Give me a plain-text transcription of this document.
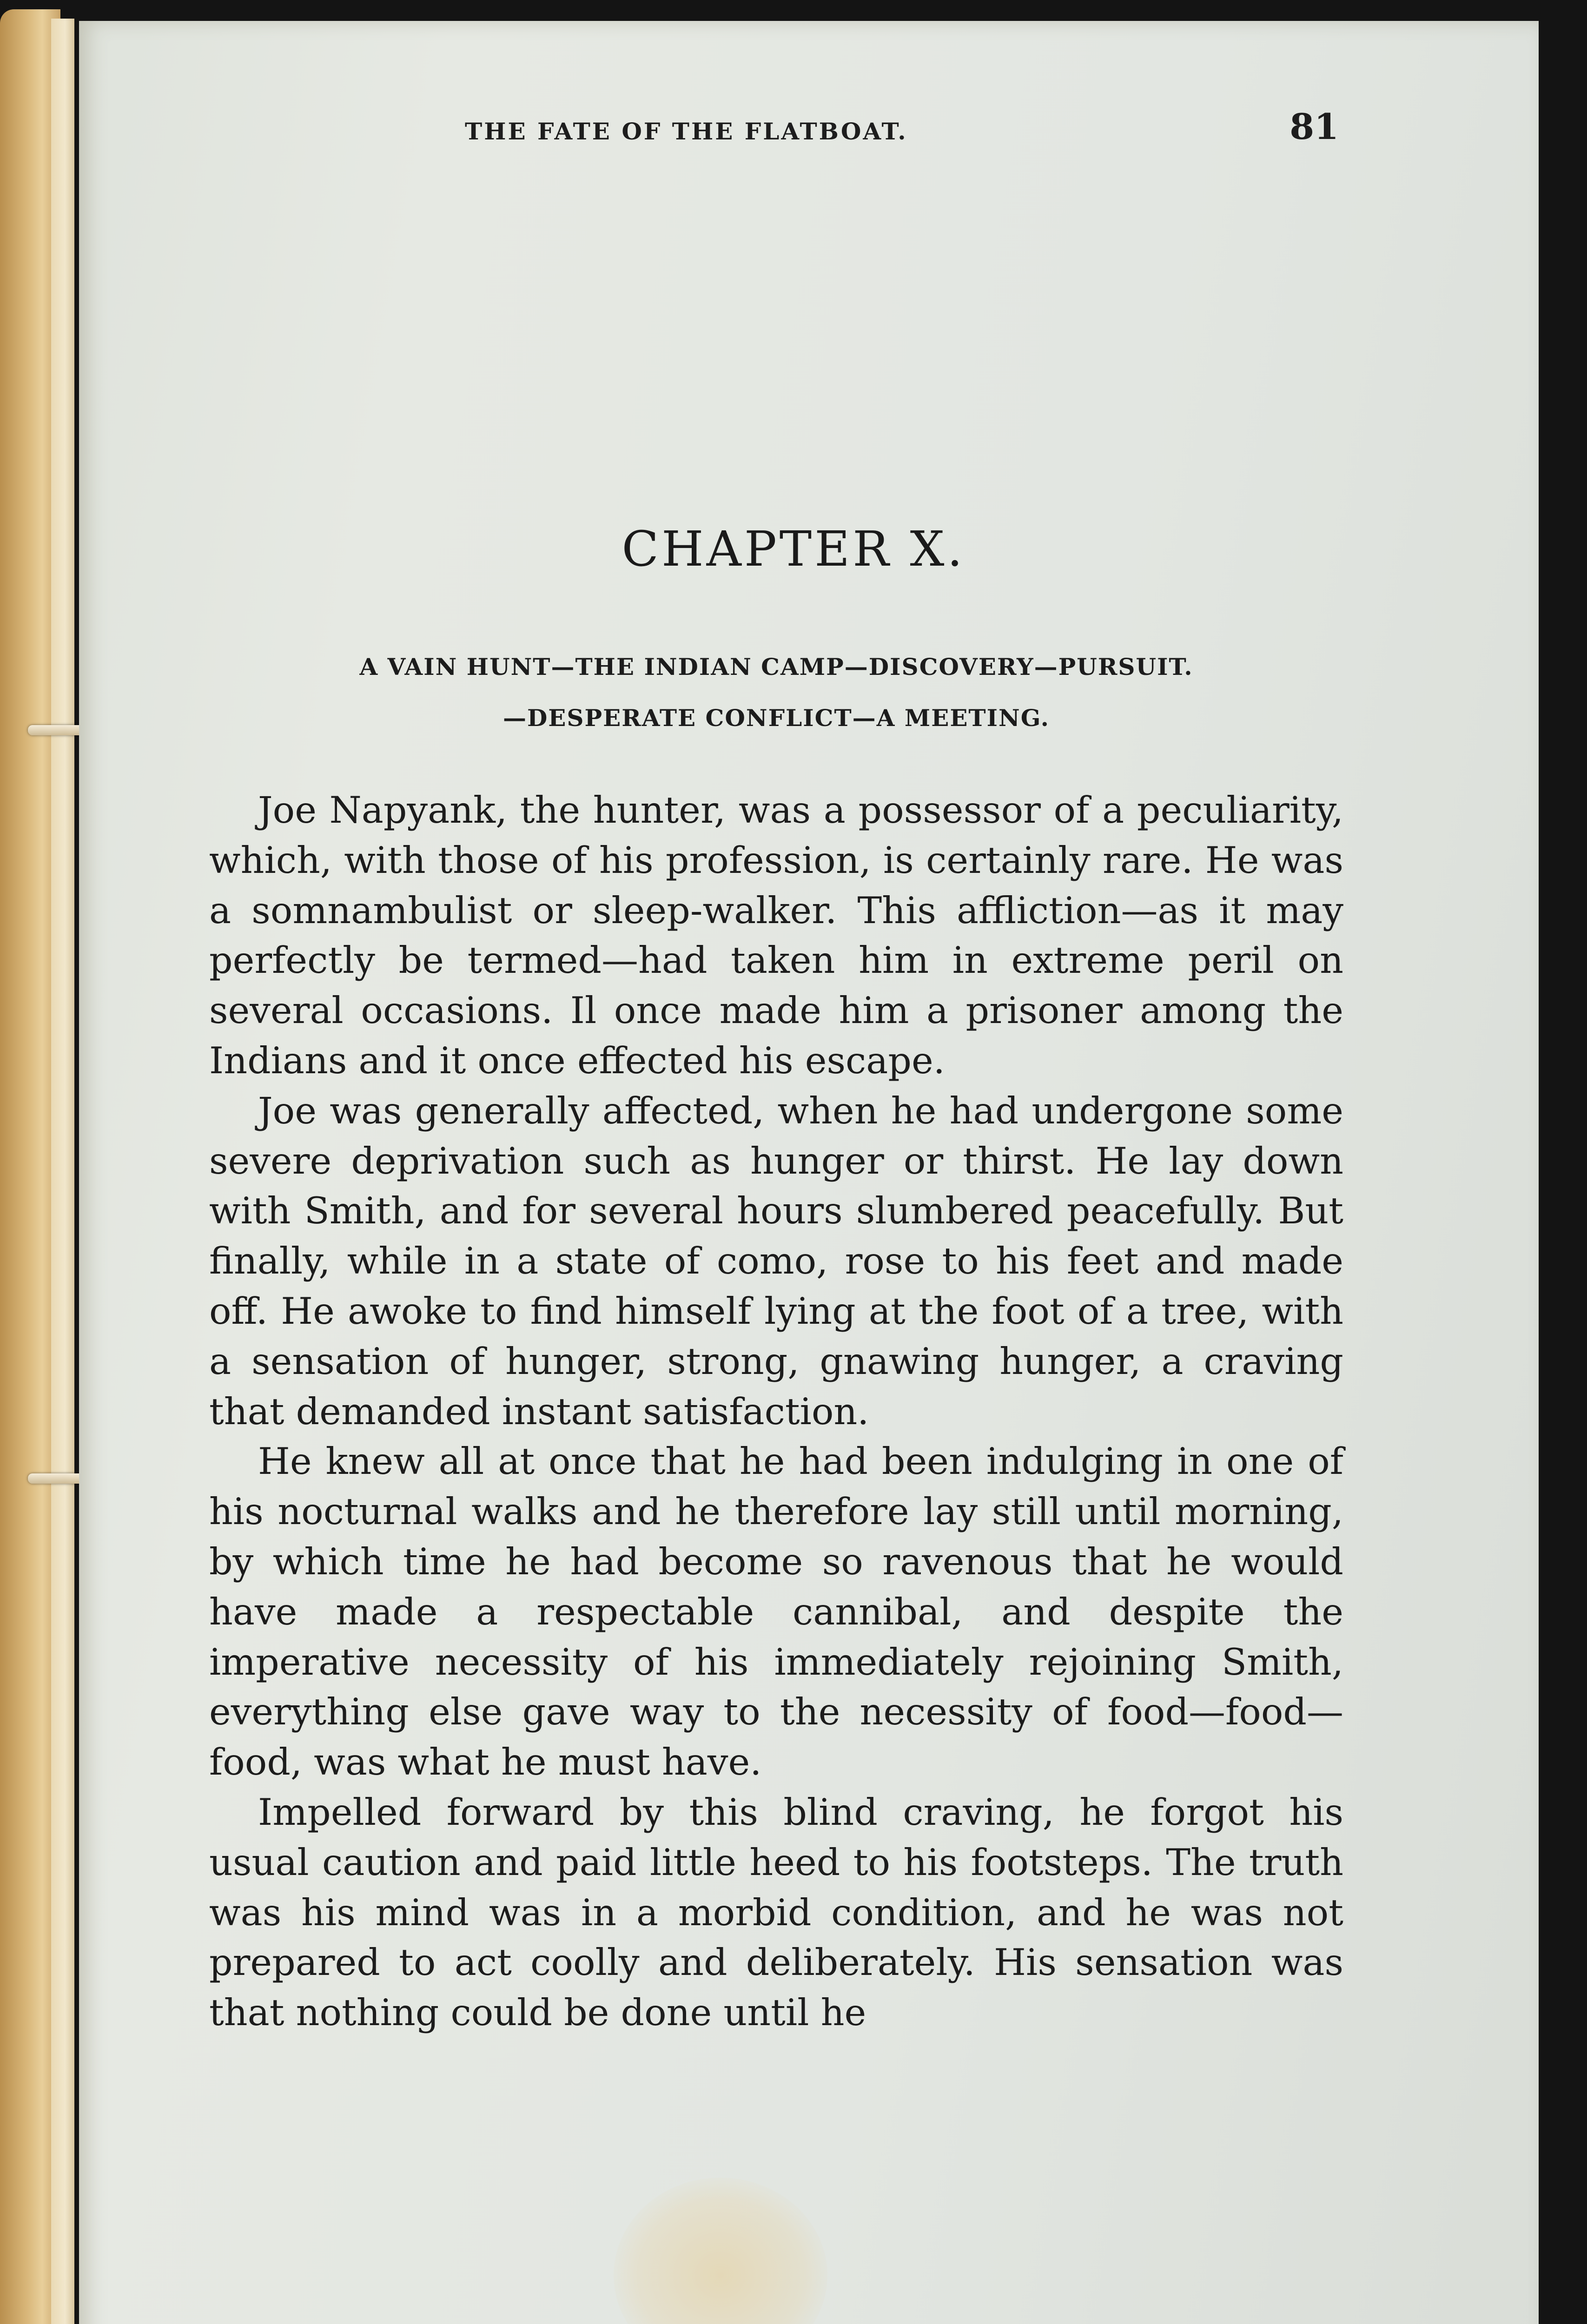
THE FATE OF THE FLATBOAT.	81
CHAPTER X.
A VAIN HUNT—THE INDIAN CAMP—DISCOVERY—PURSUIT.
—DESPERATE CONFLICT—A MEETING.

Joe Napyank, the hunter, was a possessor of a peculiarity, which, with those of his profession, is certainly rare. He was a somnambulist or sleep-walker. This affliction—as it may perfectly be termed—had taken him in extreme peril on several occasions. Il once made him a prisoner among the Indians and it once effected his escape.

Joe was generally affected, when he had undergone some severe deprivation such as hunger or thirst. He lay down with Smith, and for several hours slumbered peacefully. But finally, while in a state of como, rose to his feet and made off. He awoke to find himself lying at the foot of a tree, with a sensation of hunger, strong, gnawing hunger, a craving that demanded instant satisfaction.

He knew all at once that he had been indulging in one of his nocturnal walks and he therefore lay still until morning, by which time he had become so ravenous that he would have made a respectable cannibal, and despite the imperative necessity of his immediately rejoining Smith, everything else gave way to the necessity of food—food—food, was what he must have.

Impelled forward by this blind craving, he forgot his usual caution and paid little heed to his footsteps. The truth was his mind was in a morbid condition, and he was not prepared to act coolly and deliberately. His sensation was that nothing could be done until he
